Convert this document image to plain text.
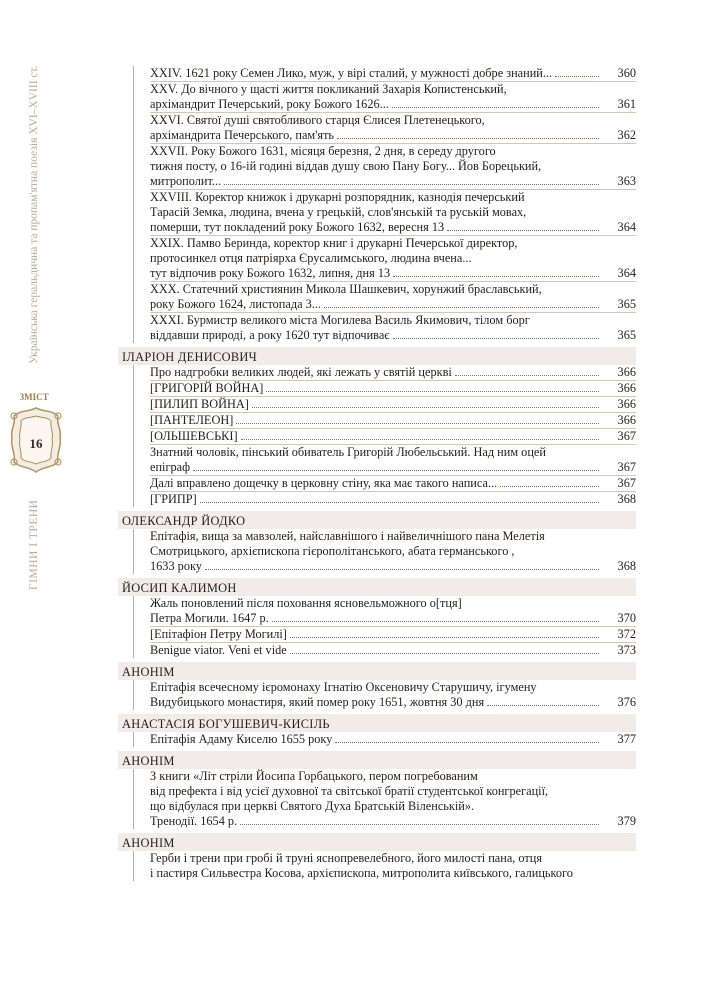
Українська геральдична та пропам'ятна поезія XVI–XVIII ст.
ЗМІСТ
16
ГІМНИ І ТРЕНИ
XXIV. 1621 року Семен Лико, муж, у вірі сталий, у мужності добре знаний...	360
XXV. До вічного у щасті життя покликаний Захарія Копистенський,
архімандрит Печерський, року Божого 1626...	361
XXVI. Святої душі святобливого старця Єлисея Плетенецького,
архімандрита Печерського, пам'ять	362
XXVII. Року Божого 1631, місяця березня, 2 дня, в середу другого
тижня посту, о 16-ій годині віддав душу свою Пану Богу... Йов Борецький,
митрополит...	363
XXVIII. Коректор книжок і друкарні розпорядник, казнодія печерський
Тарасій Земка, людина, вчена у грецькій, слов'янській та руській мовах,
померши, тут покладений року Божого 1632, вересня 13	364
XXIX. Памво Беринда, коректор книг і друкарні Печерської директор,
протосинкел отця патріярха Єрусалимського, людина вчена...
тут відпочив року Божого 1632, липня, дня 13	364
XXX. Статечний християнин Микола Шашкевич, хорунжий браславський,
року Божого 1624, листопада 3...	365
XXXI. Бурмистр великого міста Могилева Василь Якимович, тілом борг
віддавши природі, а року 1620 тут відпочиває	365
ІЛАРІОН ДЕНИСОВИЧ
Про надгробки великих людей, які лежать у святій церкві	366
[ГРИГОРІЙ ВОЙНА]	366
[ПИЛИП ВОЙНА]	366
[ПАНТЕЛЕОН]	366
[ОЛЬШЕВСЬКІ]	367
Знатний чоловік, пінський обиватель Григорій Любельський. Над ним оцей
епіграф	367
Далі вправлено дощечку в церковну стіну, яка має такого написа...	367
[ГРИПР]	368
ОЛЕКСАНДР ЙОДКО
Епітафія, вища за мавзолей, найславнішого і найвеличнішого пана Мелетія
Смотрицького, архієпископа гієрополітанського, абата германського ,
1633 року	368
ЙОСИП КАЛИМОН
Жаль поновлений після поховання ясновельможного о[тця]
Петра Могили. 1647 р.	370
[Епітафіон Петру Могилі]	372
Benigue viator. Veni et vide	373
АНОНІМ
Епітафія всечесному ієромонаху Ігнатію Оксеновичу Старушичу, ігумену
Видубицького монастиря, який помер року 1651, жовтня 30 дня	376
АНАСТАСІЯ БОГУШЕВИЧ-КИСІЛЬ
Епітафія Адаму Киселю 1655 року	377
АНОНІМ
З книги «Літ стріли Йосипа Горбацького, пером погребованим
від префекта і від усієї духовної та світської братії студентської конгрегації,
що відбулася при церкві Святого Духа Братській Віленській».
Тренодії. 1654 р.	379
АНОНІМ
Герби і трени при гробі й труні яснопревелебного, його милості пана, отця
і пастиря Сильвестра Косова, архієпископа, митрополита київського, галицького
